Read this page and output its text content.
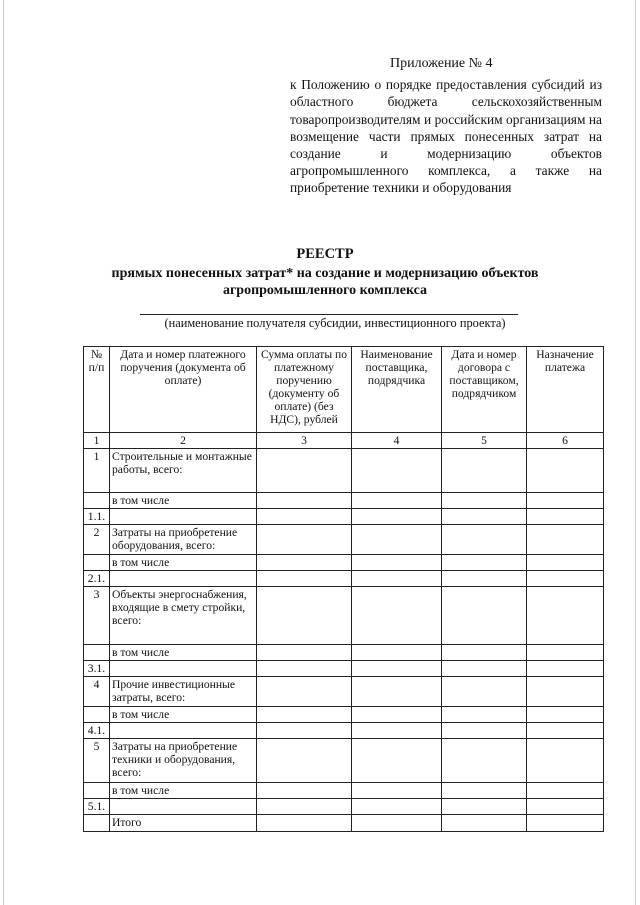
Приложение № 4
к Положению о порядке предоставления субсидий из областного бюджета сельскохозяйственным товаропроизводителям и российским организациям на возмещение части прямых понесенных затрат на создание и модернизацию объектов агропромышленного комплекса, а также на приобретение техники и оборудования
РЕЕСТР
прямых понесенных затрат* на создание и модернизацию объектов
агропромышленного комплекса
(наименование получателя субсидии, инвестиционного проекта)
№ п/п	Дата и номер платежного поручения (документа об оплате)	Сумма оплаты по платежному поручению (документу об оплате) (без НДС), рублей	Наименование поставщика, подрядчика	Дата и номер договора с поставщиком, подрядчиком	Назначение платежа
1	2	3	4	5	6
1	Строительные и монтажные работы, всего:				
	в том числе				
1.1.					
2	Затраты на приобретение оборудования, всего:				
	в том числе				
2.1.					
3	Объекты энергоснабжения, входящие в смету стройки, всего:				
	в том числе				
3.1.					
4	Прочие инвестиционные затраты, всего:				
	в том числе				
4.1.					
5	Затраты на приобретение техники и оборудования, всего:				
	в том числе				
5.1.					
	Итого				
